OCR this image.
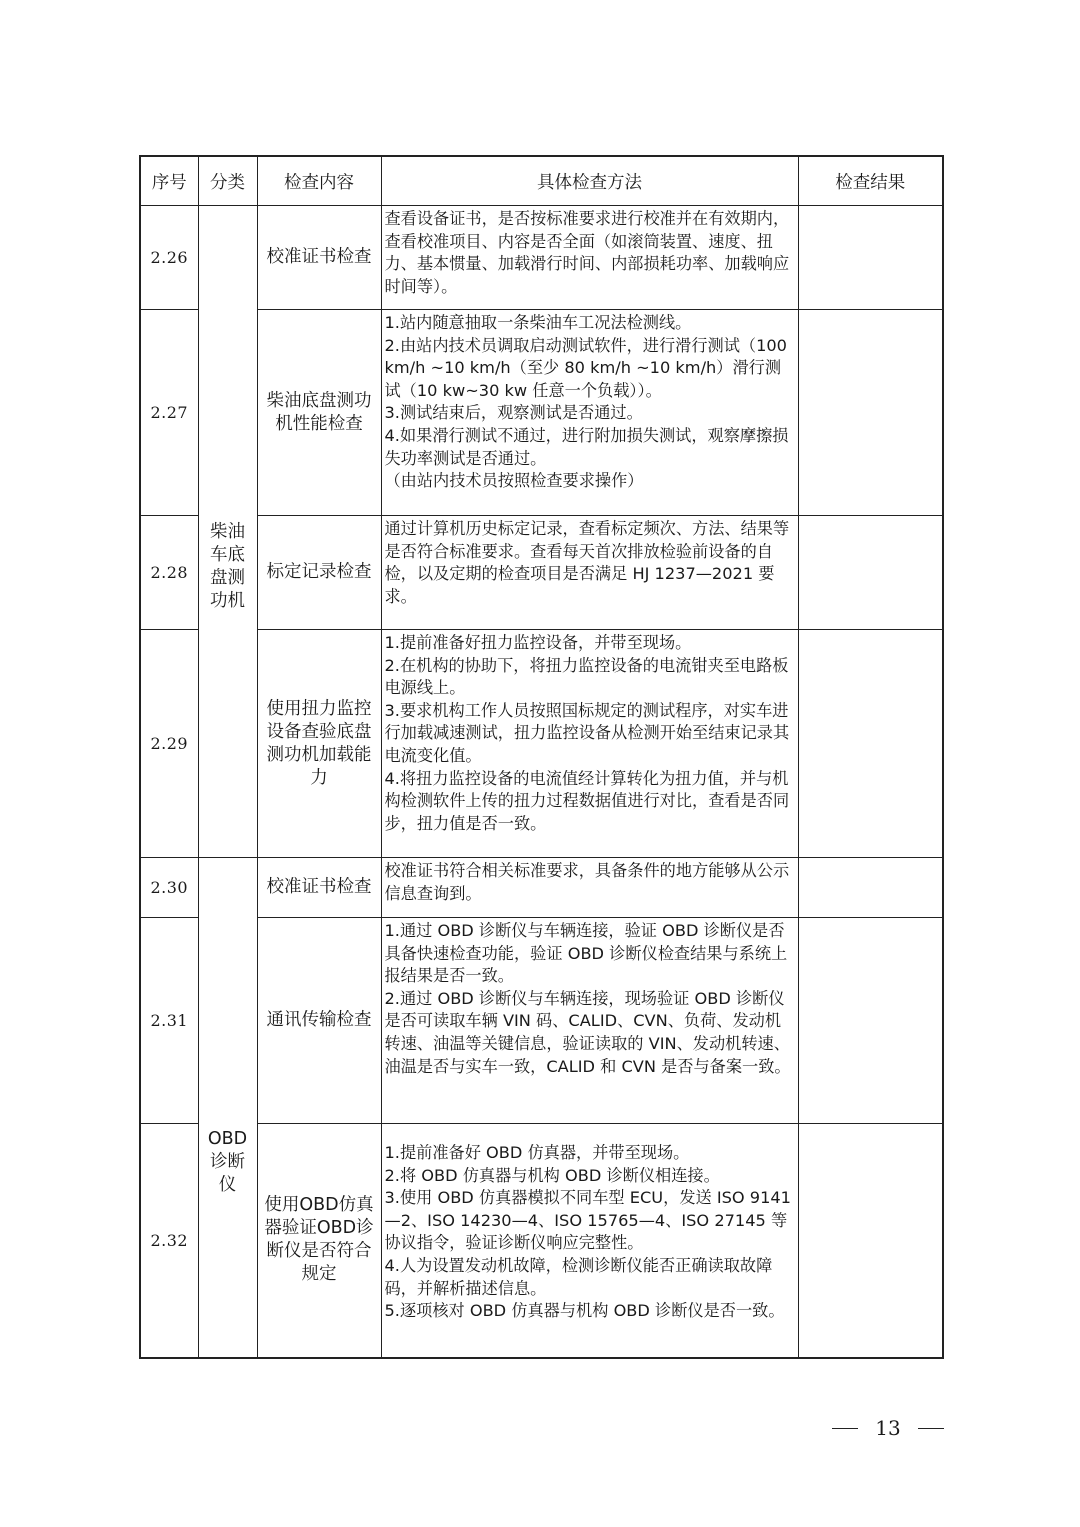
序号	分类	检查内容	具体检查方法	检查结果
2.26	柴油车底盘测功机	校准证书检查	查看设备证书，是否按标准要求进行校准并在有效期内，查看校准项目、内容是否全面（如滚筒装置、速度、扭力、基本惯量、加载滑行时间、内部损耗功率、加载响应时间等）。	

2.27		柴油底盘测功机性能检查	1.站内随意抽取一条柴油车工况法检测线。

2.由站内技术员调取启动测试软件，进行滑行测试（100 km/h ~10 km/h（至少 80 km/h ~10 km/h）滑行测试（10 kw~30 kw 任意一个负载））。

3.测试结束后，观察测试是否通过。

4.如果滑行测试不通过，进行附加损失测试，观察摩擦损失功率测试是否通过。

（由站内技术员按照检查要求操作）	

2.28		标定记录检查	通过计算机历史标定记录，查看标定频次、方法、结果等是否符合标准要求。查看每天首次排放检验前设备的自检，以及定期的检查项目是否满足 HJ 1237—2021 要求。	

2.29		使用扭力监控设备查验底盘测功机加载能力	1.提前准备好扭力监控设备，并带至现场。

2.在机构的协助下，将扭力监控设备的电流钳夹至电路板电源线上。

3.要求机构工作人员按照国标规定的测试程序，对实车进行加载减速测试，扭力监控设备从检测开始至结束记录其电流变化值。

4.将扭力监控设备的电流值经计算转化为扭力值，并与机构检测软件上传的扭力过程数据值进行对比，查看是否同步，扭力值是否一致。	

2.30	OBD诊断仪	校准证书检查	校准证书符合相关标准要求，具备条件的地方能够从公示信息查询到。	

2.31		通讯传输检查	1.通过 OBD 诊断仪与车辆连接，验证 OBD 诊断仪是否具备快速检查功能，验证 OBD 诊断仪检查结果与系统上报结果是否一致。

2.通过 OBD 诊断仪与车辆连接，现场验证 OBD 诊断仪是否可读取车辆 VIN 码、CALID、CVN、负荷、发动机转速、油温等关键信息，验证读取的 VIN、发动机转速、油温是否与实车一致，CALID 和 CVN 是否与备案一致。	

2.32		使用OBD仿真器验证OBD诊断仪是否符合规定	1.提前准备好 OBD 仿真器，并带至现场。

2.将 OBD 仿真器与机构 OBD 诊断仪相连接。

3.使用 OBD 仿真器模拟不同车型 ECU，发送 ISO 9141—2、ISO 14230—4、ISO 15765—4、ISO 27145 等协议指令，验证诊断仪响应完整性。

4.人为设置发动机故障，检测诊断仪能否正确读取故障码，并解析描述信息。

5.逐项核对 OBD 仿真器与机构 OBD 诊断仪是否一致。	

13
